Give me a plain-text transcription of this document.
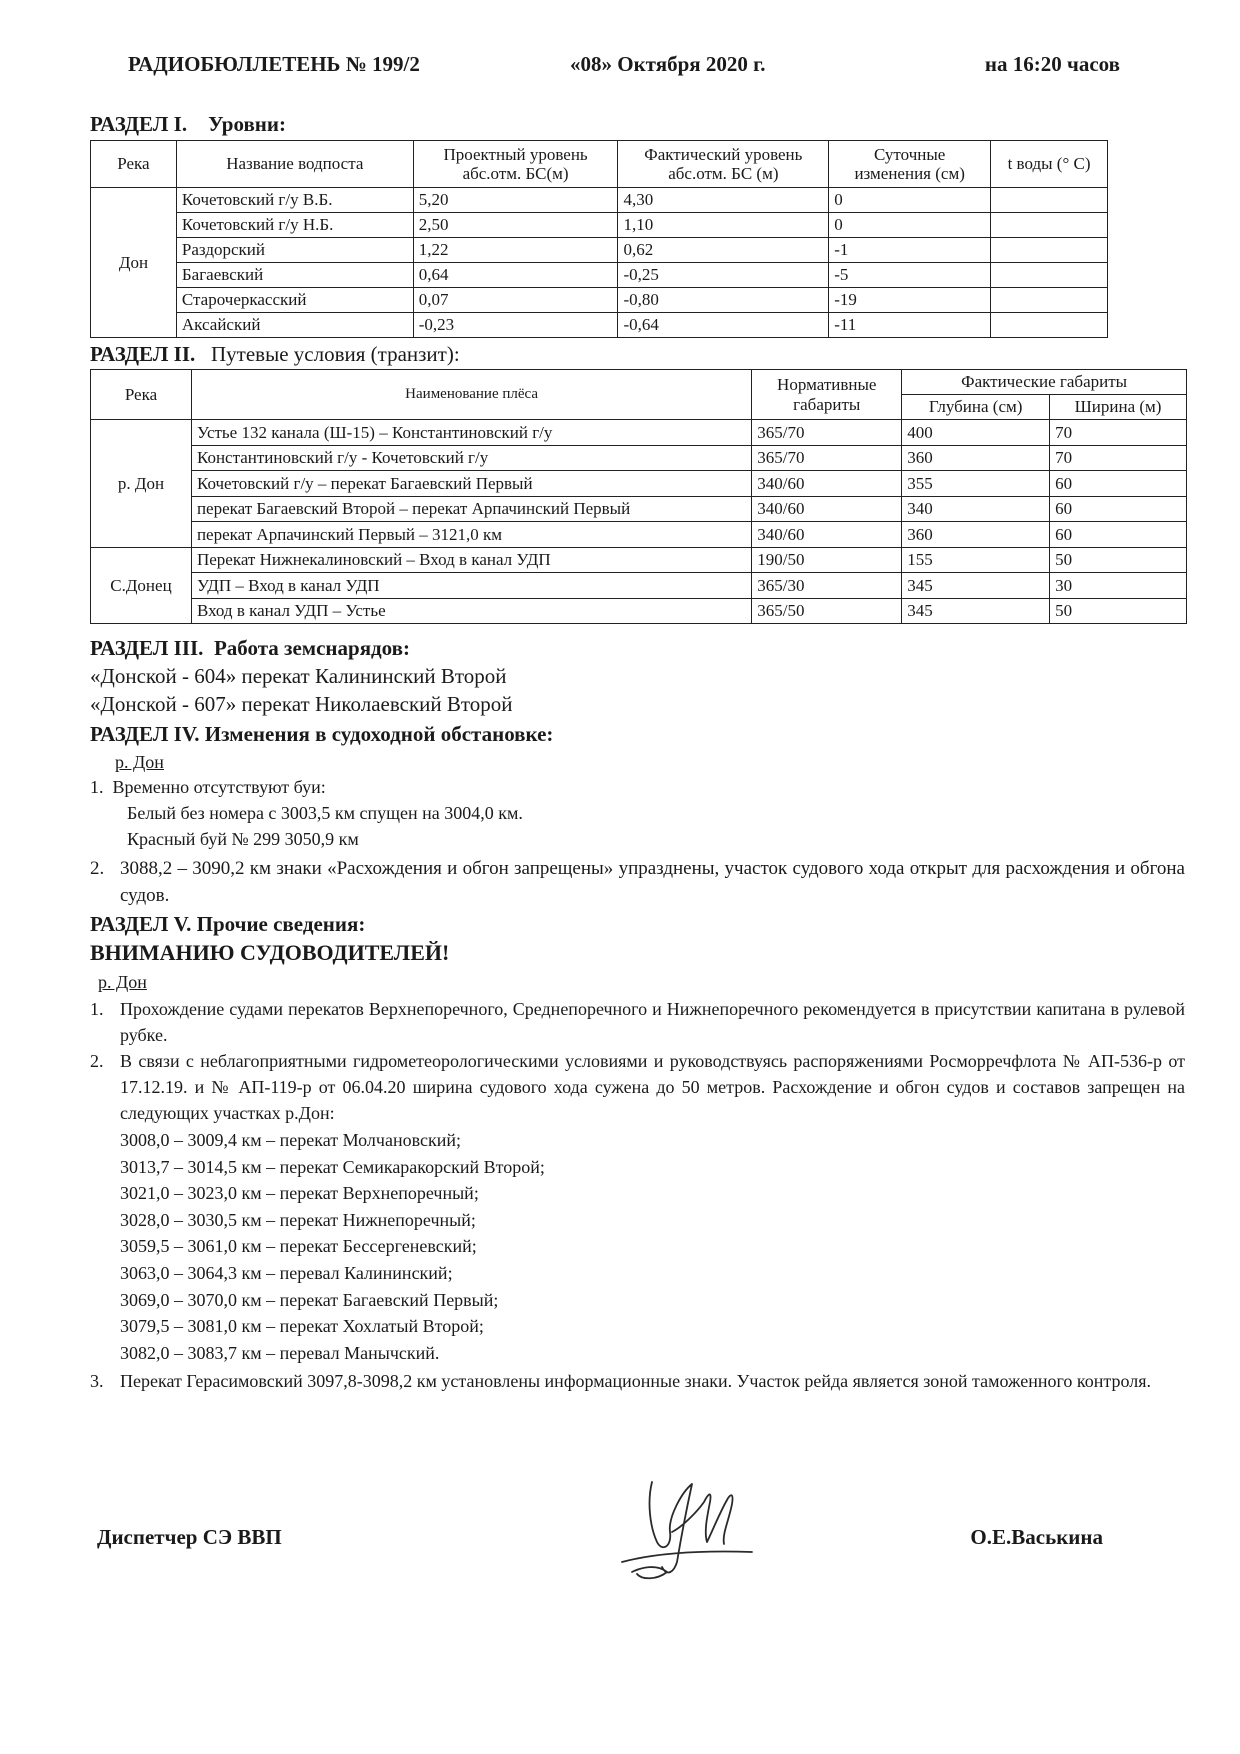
РАДИОБЮЛЛЕТЕНЬ № 199/2	«08» Октября 2020 г.	на 16:20 часов
РАЗДЕЛ I. Уровни:
Река	Название водпоста	Проектный уровень абс.отм. БС(м)	Фактический уровень абс.отм. БС (м)	Суточные изменения (см)	t воды (° С)
Дон	Кочетовский г/у В.Б.	5,20	4,30	0	
	Кочетовский г/у Н.Б.	2,50	1,10	0	
	Раздорский	1,22	0,62	-1	
	Багаевский	0,64	-0,25	-5	
	Старочеркасский	0,07	-0,80	-19	
	Аксайский	-0,23	-0,64	-11	
РАЗДЕЛ II. Путевые условия (транзит):
Река	Наименование плёса	Нормативные габариты	Фактические габариты	
			Глубина (см)	Ширина (м)
р. Дон	Устье 132 канала (Ш-15) – Константиновский г/у	365/70	400	70
	Константиновский г/у - Кочетовский г/у	365/70	360	70
	Кочетовский г/у – перекат Багаевский Первый	340/60	355	60
	перекат Багаевский Второй – перекат Арпачинский Первый	340/60	340	60
	перекат Арпачинский Первый – 3121,0 км	340/60	360	60
С.Донец	Перекат Нижнекалиновский – Вход в канал УДП	190/50	155	50
	УДП – Вход в канал УДП	365/30	345	30
	Вход в канал УДП – Устье	365/50	345	50
РАЗДЕЛ III. Работа земснарядов:
«Донской - 604» перекат Калининский Второй
«Донской - 607» перекат Николаевский Второй
РАЗДЕЛ IV. Изменения в судоходной обстановке:
р. Дон
1. Временно отсутствуют буи:
Белый без номера с 3003,5 км спущен на 3004,0 км.
Красный буй № 299 3050,9 км
2. 3088,2 – 3090,2 км знаки «Расхождения и обгон запрещены» упразднены, участок судового хода открыт для расхождения и обгона судов.
РАЗДЕЛ V. Прочие сведения:
ВНИМАНИЮ СУДОВОДИТЕЛЕЙ!
р. Дон
1. Прохождение судами перекатов Верхнепоречного, Среднепоречного и Нижнепоречного рекомендуется в присутствии капитана в рулевой рубке.
2. В связи с неблагоприятными гидрометеорологическими условиями и руководствуясь распоряжениями Росморречфлота № АП-536-р от 17.12.19. и № АП-119-р от 06.04.20 ширина судового хода сужена до 50 метров. Расхождение и обгон судов и составов запрещен на следующих участках р.Дон:
3008,0 – 3009,4 км – перекат Молчановский;
3013,7 – 3014,5 км – перекат Семикаракорский Второй;
3021,0 – 3023,0 км – перекат Верхнепоречный;
3028,0 – 3030,5 км – перекат Нижнепоречный;
3059,5 – 3061,0 км – перекат Бессергеневский;
3063,0 – 3064,3 км – перевал Калининский;
3069,0 – 3070,0 км – перекат Багаевский Первый;
3079,5 – 3081,0 км – перекат Хохлатый Второй;
3082,0 – 3083,7 км – перевал Манычский.
3. Перекат Герасимовский 3097,8-3098,2 км установлены информационные знаки. Участок рейда является зоной таможенного контроля.
Диспетчер СЭ ВВП	О.Е.Васькина
